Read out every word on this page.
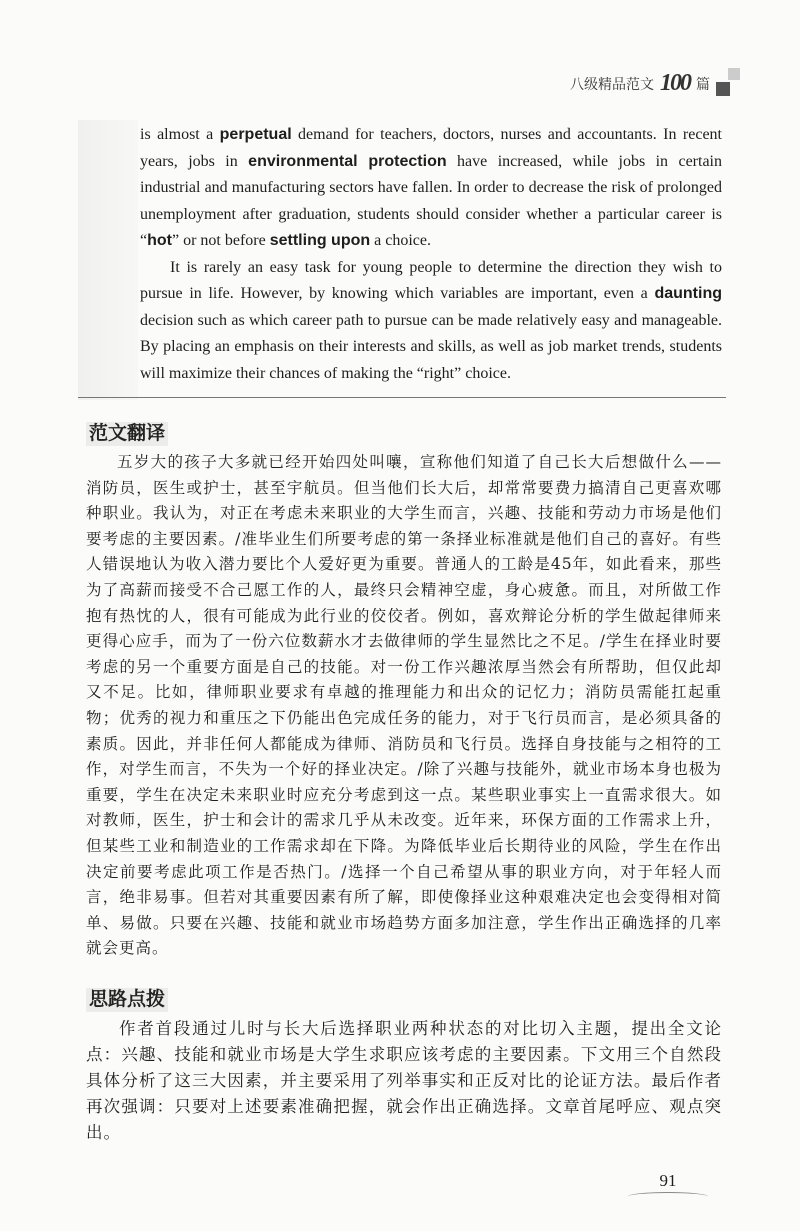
八级精品范文 100 篇

is almost a perpetual demand for teachers, doctors, nurses and accountants. In recent years, jobs in environmental protection have increased, while jobs in certain industrial and manufacturing sectors have fallen. In order to decrease the risk of prolonged unemployment after graduation, students should consider whether a particular career is “hot” or not before settling upon a choice.

It is rarely an easy task for young people to determine the direction they wish to pursue in life. However, by knowing which variables are important, even a daunting decision such as which career path to pursue can be made relatively easy and manageable. By placing an emphasis on their interests and skills, as well as job market trends, students will maximize their chances of making the “right” choice.

范文翻译

五岁大的孩子大多就已经开始四处叫嚷，宣称他们知道了自己长大后想做什么——消防员，医生或护士，甚至宇航员。但当他们长大后，却常常要费力搞清自己更喜欢哪种职业。我认为，对正在考虑未来职业的大学生而言，兴趣、技能和劳动力市场是他们要考虑的主要因素。/准毕业生们所要考虑的第一条择业标准就是他们自己的喜好。有些人错误地认为收入潜力要比个人爱好更为重要。普通人的工龄是45年，如此看来，那些为了高薪而接受不合己愿工作的人，最终只会精神空虚，身心疲惫。而且，对所做工作抱有热忱的人，很有可能成为此行业的佼佼者。例如，喜欢辩论分析的学生做起律师来更得心应手，而为了一份六位数薪水才去做律师的学生显然比之不足。/学生在择业时要考虑的另一个重要方面是自己的技能。对一份工作兴趣浓厚当然会有所帮助，但仅此却又不足。比如，律师职业要求有卓越的推理能力和出众的记忆力；消防员需能扛起重物；优秀的视力和重压之下仍能出色完成任务的能力，对于飞行员而言，是必须具备的素质。因此，并非任何人都能成为律师、消防员和飞行员。选择自身技能与之相符的工作，对学生而言，不失为一个好的择业决定。/除了兴趣与技能外，就业市场本身也极为重要，学生在决定未来职业时应充分考虑到这一点。某些职业事实上一直需求很大。如对教师，医生，护士和会计的需求几乎从未改变。近年来，环保方面的工作需求上升，但某些工业和制造业的工作需求却在下降。为降低毕业后长期待业的风险，学生在作出决定前要考虑此项工作是否热门。/选择一个自己希望从事的职业方向，对于年轻人而言，绝非易事。但若对其重要因素有所了解，即使像择业这种艰难决定也会变得相对简单、易做。只要在兴趣、技能和就业市场趋势方面多加注意，学生作出正确选择的几率就会更高。

思路点拨

作者首段通过儿时与长大后选择职业两种状态的对比切入主题，提出全文论点：兴趣、技能和就业市场是大学生求职应该考虑的主要因素。下文用三个自然段具体分析了这三大因素，并主要采用了列举事实和正反对比的论证方法。最后作者再次强调：只要对上述要素准确把握，就会作出正确选择。文章首尾呼应、观点突出。

91
